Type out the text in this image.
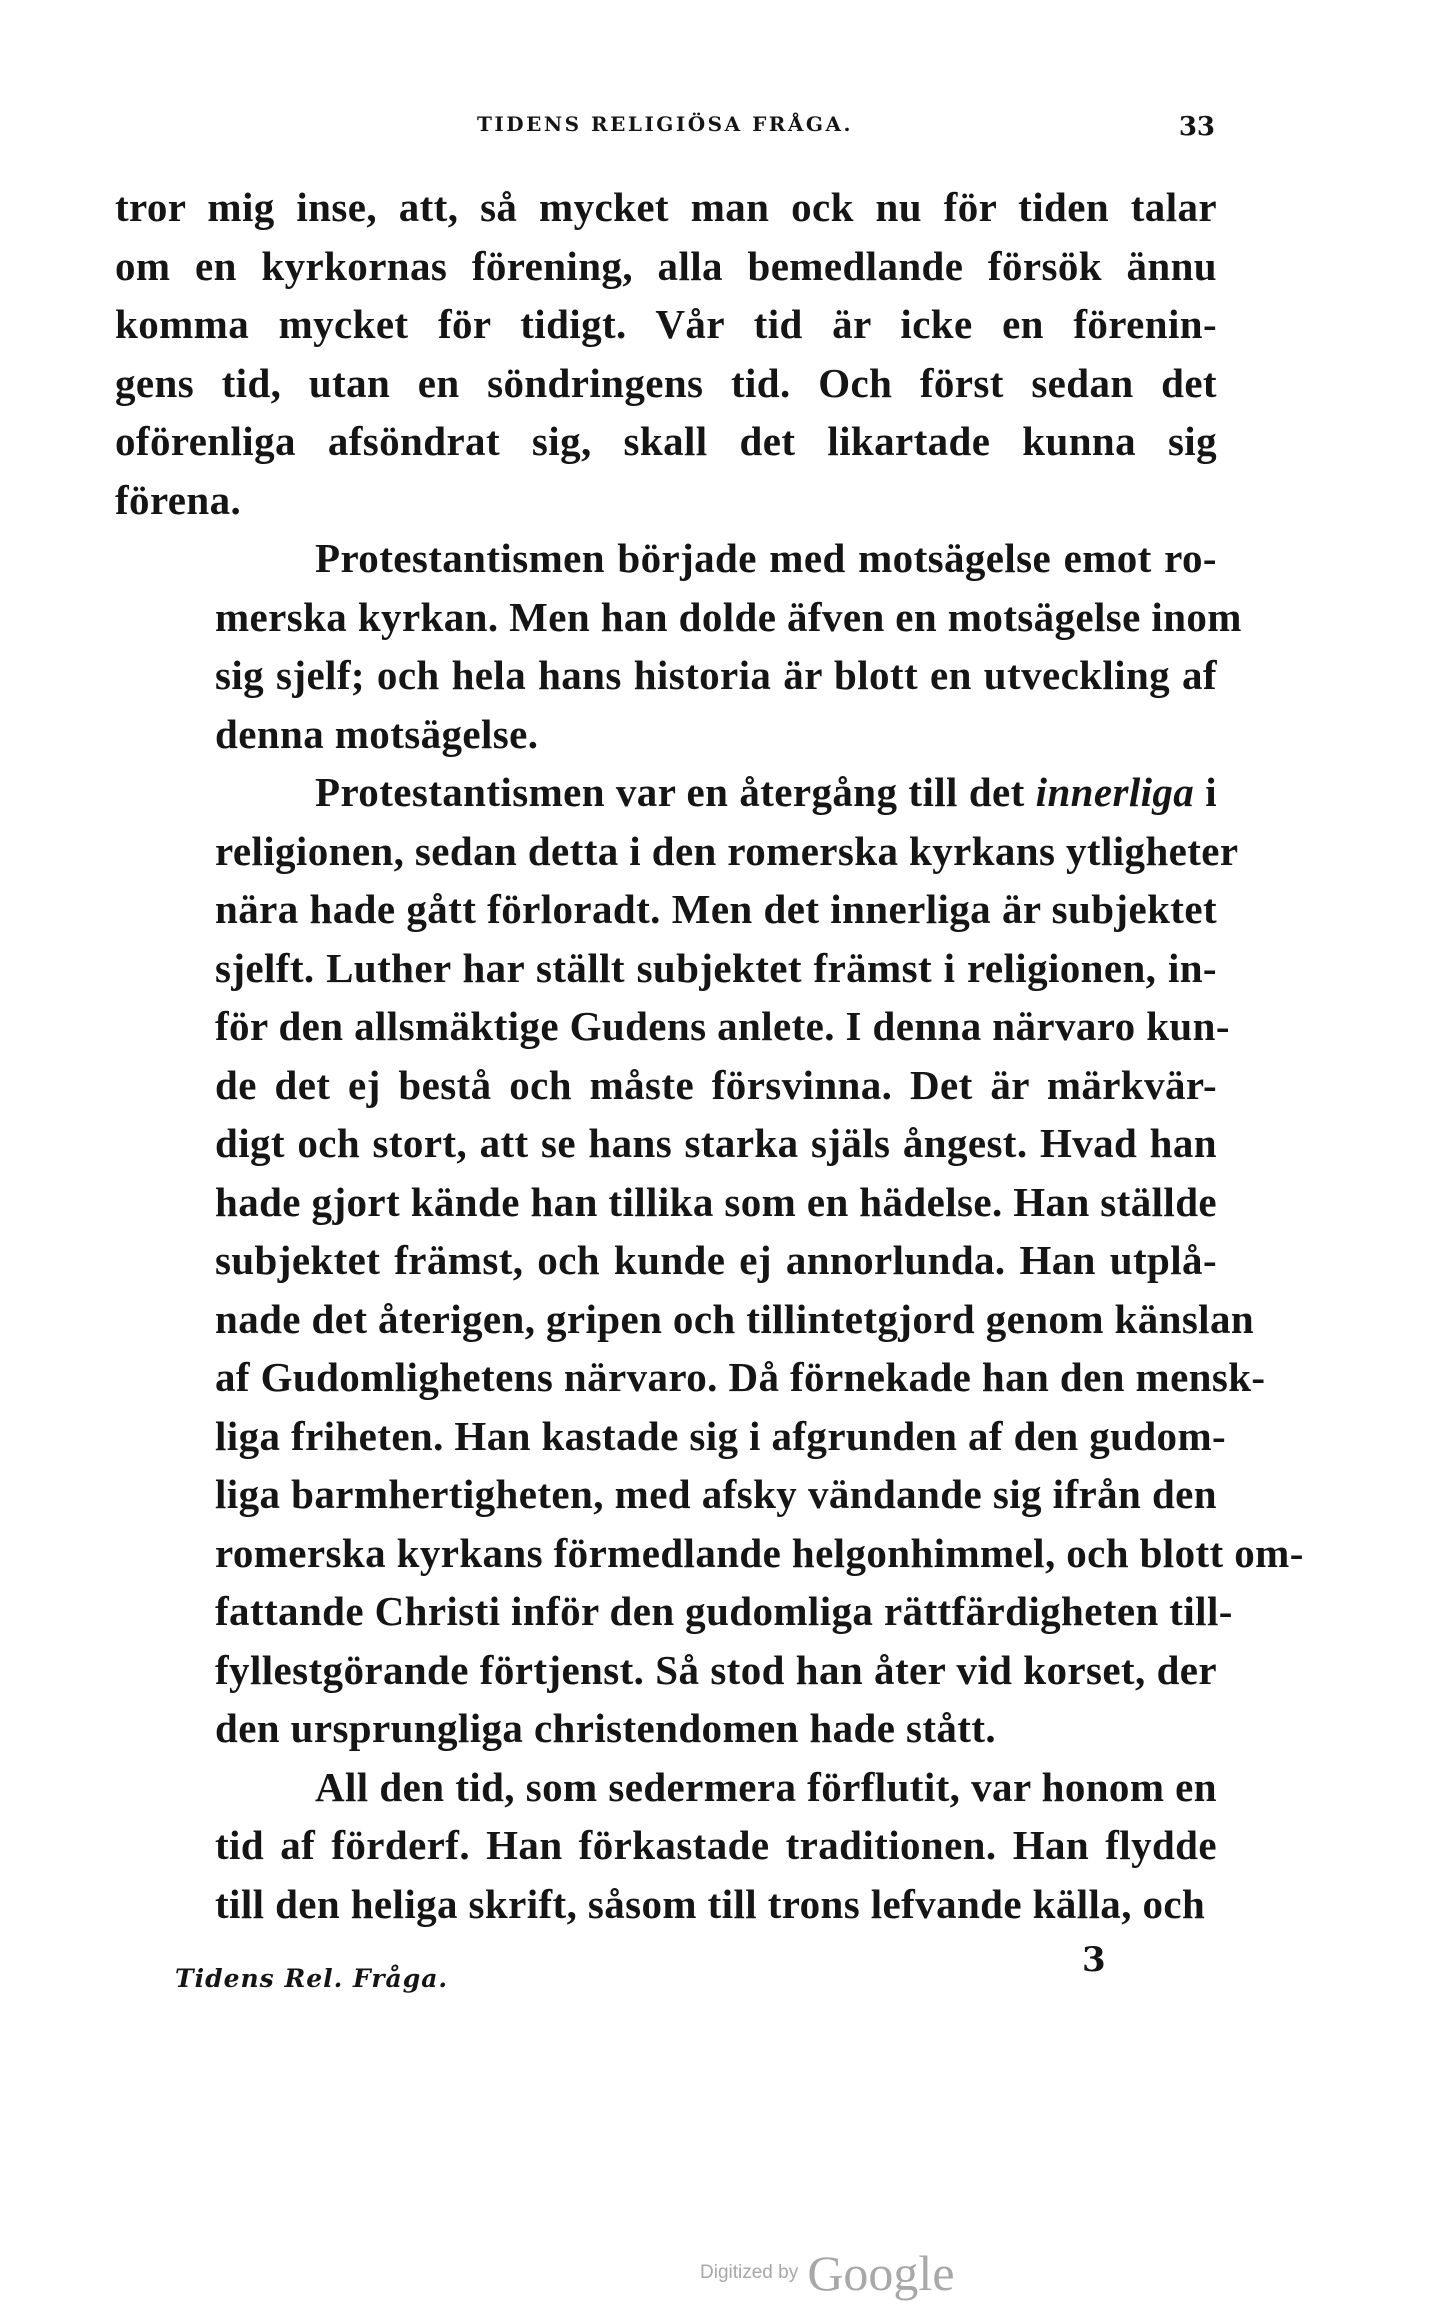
TIDENS RELIGIÖSA FRÅGA.	33
tror mig inse, att, så mycket man ock nu för tiden talar
om en kyrkornas förening, alla bemedlande försök ännu
komma mycket för tidigt. Vår tid är icke en förenin-
gens tid, utan en söndringens tid. Och först sedan det
oförenliga afsöndrat sig, skall det likartade kunna sig
förena.
Protestantismen började med motsägelse emot ro-
merska kyrkan. Men han dolde äfven en motsägelse inom
sig sjelf; och hela hans historia är blott en utveckling af
denna motsägelse.
Protestantismen var en återgång till det innerliga i
religionen, sedan detta i den romerska kyrkans ytligheter
nära hade gått förloradt. Men det innerliga är subjektet
sjelft. Luther har ställt subjektet främst i religionen, in-
för den allsmäktige Gudens anlete. I denna närvaro kun-
de det ej bestå och måste försvinna. Det är märkvär-
digt och stort, att se hans starka själs ångest. Hvad han
hade gjort kände han tillika som en hädelse. Han ställde
subjektet främst, och kunde ej annorlunda. Han utplå-
nade det återigen, gripen och tillintetgjord genom känslan
af Gudomlighetens närvaro. Då förnekade han den mensk-
liga friheten. Han kastade sig i afgrunden af den gudom-
liga barmhertigheten, med afsky vändande sig ifrån den
romerska kyrkans förmedlande helgonhimmel, och blott om-
fattande Christi inför den gudomliga rättfärdigheten till-
fyllestgörande förtjenst. Så stod han åter vid korset, der
den ursprungliga christendomen hade stått.
All den tid, som sedermera förflutit, var honom en
tid af förderf. Han förkastade traditionen. Han flydde
till den heliga skrift, såsom till trons lefvande källa, och
Tidens Rel. Fråga.	3
Digitized by Google
